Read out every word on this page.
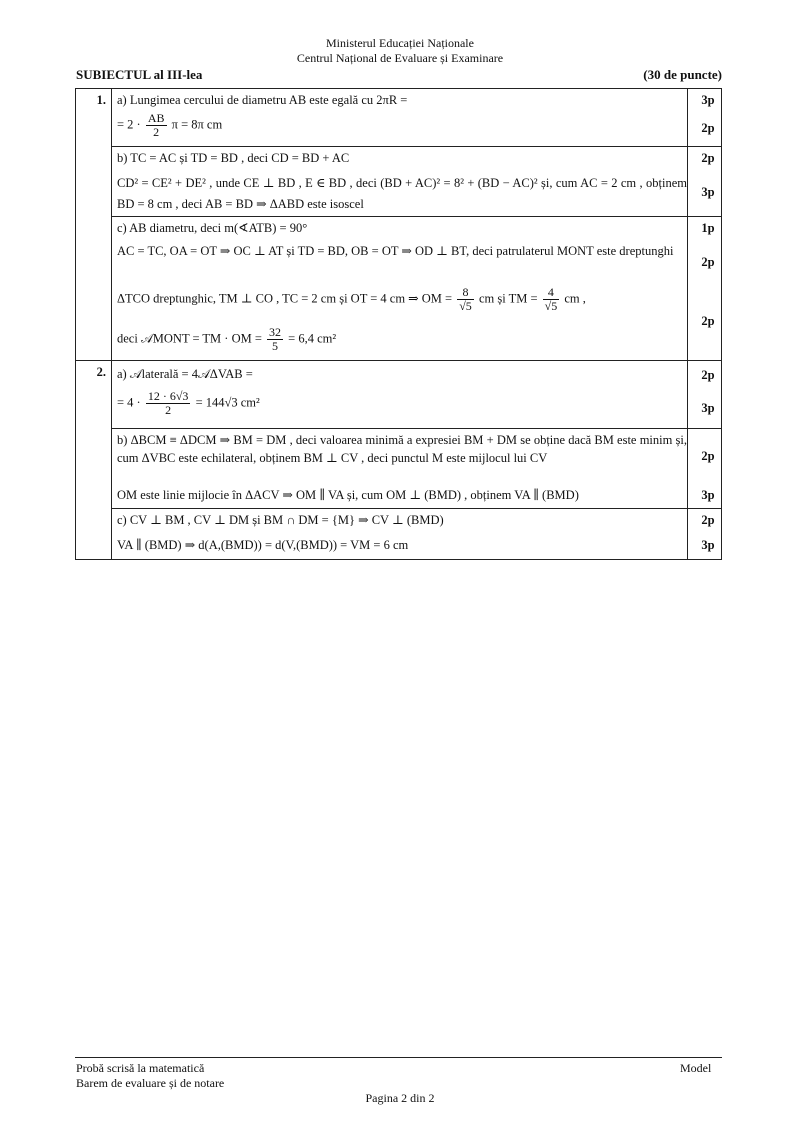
Ministerul Educației Naționale
Centrul Național de Evaluare și Examinare
SUBIECTUL al III-lea	(30 de puncte)
1. a) Lungimea cercului de diametru AB este egală cu 2πR =
= $2 \cdot \frac{AB}{2}$ π = 8π cm
3p
2p
b) TC = AC și TD = BD , deci CD = BD + AC
CD² = CE² + DE² , unde CE ⊥ BD , E ∈ BD , deci (BD + AC)² = 8² + (BD − AC)² și, cum AC = 2 cm , obținem BD = 8 cm , deci AB = BD ⇒ ΔABD este isoscel
2p
3p
c) AB diametru, deci m(∢ATB) = 90°
AC = TC, OA = OT ⇒ OC ⊥ AT și TD = BD, OB = OT ⇒ OD ⊥ BT, deci patrulaterul MONT este dreptunghi
ΔTCO dreptunghic, TM ⊥ CO , TC = 2 cm și OT = 4 cm ⇒ OM = $\frac{8}{√5}$ cm și TM = $\frac{4}{√5}$ cm ,
deci 𝒜MONT = TM · OM = $\frac{32}{5} = 6,4$ cm²
1p
2p
2p
2. a) 𝒜laterală = 4𝒜ΔVAB =
= $4 \cdot \frac{12 \cdot 6√3}{2} = 144√3$ cm²
2p
3p
b) ΔBCM ≡ ΔDCM ⇒ BM = DM , deci valoarea minimă a expresiei BM + DM se obține dacă BM este minim și, cum ΔVBC este echilateral, obținem BM ⊥ CV , deci punctul M este mijlocul lui CV
OM este linie mijlocie în ΔACV ⇒ OM ∥ VA și, cum OM ⊥ (BMD) , obținem VA ∥ (BMD)
2p
3p
c) CV ⊥ BM , CV ⊥ DM și BM ∩ DM = {M} ⇒ CV ⊥ (BMD)
VA ∥ (BMD) ⇒ d(A,(BMD)) = d(V,(BMD)) = VM = 6 cm
2p
3p
Probă scrisă la matematică
Barem de evaluare și de notare
Model
Pagina 2 din 2
